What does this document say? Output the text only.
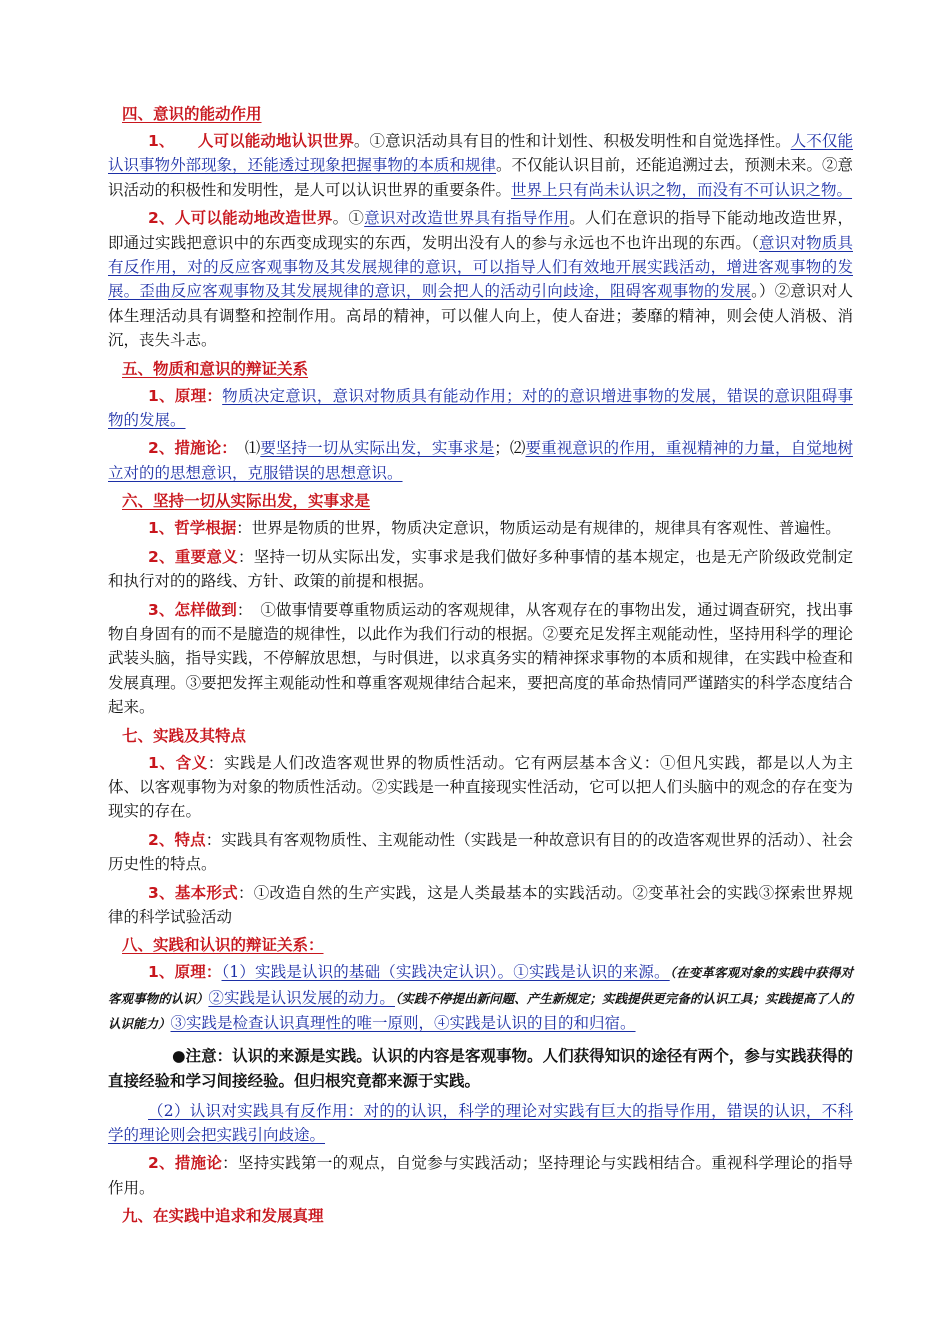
四、意识的能动作用

1、　　人可以能动地认识世界。①意识活动具有目的性和计划性、积极发明性和自觉选择性。人不仅能认识事物外部现象，还能透过现象把握事物的本质和规律。不仅能认识目前，还能追溯过去，预测未来。②意识活动的积极性和发明性，是人可以认识世界的重要条件。世界上只有尚未认识之物，而没有不可认识之物。

2、人可以能动地改造世界。①意识对改造世界具有指导作用。人们在意识的指导下能动地改造世界，即通过实践把意识中的东西变成现实的东西，发明出没有人的参与永远也不也许出现的东西。（意识对物质具有反作用，对的反应客观事物及其发展规律的意识，可以指导人们有效地开展实践活动，增进客观事物的发展。歪曲反应客观事物及其发展规律的意识，则会把人的活动引向歧途，阻碍客观事物的发展。）②意识对人体生理活动具有调整和控制作用。高昂的精神，可以催人向上，使人奋进；萎靡的精神，则会使人消极、消沉，丧失斗志。

五、物质和意识的辩证关系

1、原理：物质决定意识，意识对物质具有能动作用；对的的意识增进事物的发展，错误的意识阻碍事物的发展。

2、措施论：　⑴要坚持一切从实际出发，实事求是；⑵要重视意识的作用，重视精神的力量，自觉地树立对的的思想意识，克服错误的思想意识。

六、坚持一切从实际出发，实事求是

1、哲学根据：世界是物质的世界，物质决定意识，物质运动是有规律的，规律具有客观性、普遍性。

2、重要意义：坚持一切从实际出发，实事求是我们做好多种事情的基本规定，也是无产阶级政党制定和执行对的的路线、方针、政策的前提和根据。

3、怎样做到：　①做事情要尊重物质运动的客观规律，从客观存在的事物出发，通过调查研究，找出事物自身固有的而不是臆造的规律性，以此作为我们行动的根据。②要充足发挥主观能动性，坚持用科学的理论武装头脑，指导实践，不停解放思想，与时俱进，以求真务实的精神探求事物的本质和规律，在实践中检查和发展真理。③要把发挥主观能动性和尊重客观规律结合起来，要把高度的革命热情同严谨踏实的科学态度结合起来。

七、实践及其特点

1、含义：实践是人们改造客观世界的物质性活动。它有两层基本含义：①但凡实践，都是以人为主体、以客观事物为对象的物质性活动。②实践是一种直接现实性活动，它可以把人们头脑中的观念的存在变为现实的存在。

2、特点：实践具有客观物质性、主观能动性（实践是一种故意识有目的的改造客观世界的活动）、社会历史性的特点。

3、基本形式：①改造自然的生产实践，这是人类最基本的实践活动。②变革社会的实践③探索世界规律的科学试验活动

八、实践和认识的辩证关系：

1、原理：（1）实践是认识的基础（实践决定认识）。①实践是认识的来源。（在变革客观对象的实践中获得对客观事物的认识）②实践是认识发展的动力。（实践不停提出新问题、产生新规定；实践提供更完备的认识工具；实践提高了人的认识能力）③实践是检查认识真理性的唯一原则，④实践是认识的目的和归宿。

●注意：认识的来源是实践。认识的内容是客观事物。人们获得知识的途径有两个，参与实践获得的直接经验和学习间接经验。但归根究竟都来源于实践。

（2）认识对实践具有反作用：对的的认识，科学的理论对实践有巨大的指导作用，错误的认识，不科学的理论则会把实践引向歧途。

2、措施论：坚持实践第一的观点，自觉参与实践活动；坚持理论与实践相结合。重视科学理论的指导作用。

九、在实践中追求和发展真理
